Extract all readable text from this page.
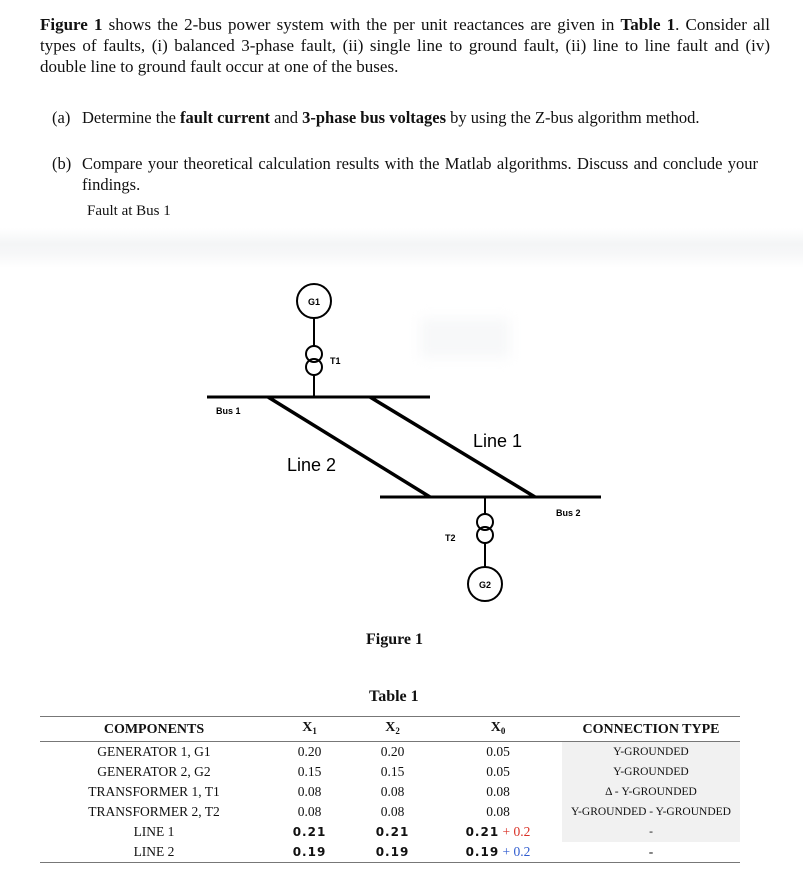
Figure 1 shows the 2-bus power system with the per unit reactances are given in Table 1. Consider all types of faults, (i) balanced 3-phase fault, (ii) single line to ground fault, (ii) line to line fault and (iv) double line to ground fault occur at one of the buses.
(a) Determine the fault current and 3-phase bus voltages by using the Z-bus algorithm method.
(b) Compare your theoretical calculation results with the Matlab algorithms. Discuss and conclude your findings.
Fault at Bus 1
G1
T1
Bus 1
Line 2
Line 1
Bus 2
T2
G2
Figure 1
Table 1
COMPONENTS	$X_1$	$X_2$	$X_0$	CONNECTION TYPE
GENERATOR 1, G1	0.20	0.20	0.05	Y-GROUNDED
GENERATOR 2, G2	0.15	0.15	0.05	Y-GROUNDED
TRANSFORMER 1, T1	0.08	0.08	0.08	Δ - Y-GROUNDED
TRANSFORMER 2, T2	0.08	0.08	0.08	Y-GROUNDED - Y-GROUNDED
LINE 1	0.21	0.21	0.21 + 0.2	-
LINE 2	0.19	0.19	0.19 + 0.2	-
